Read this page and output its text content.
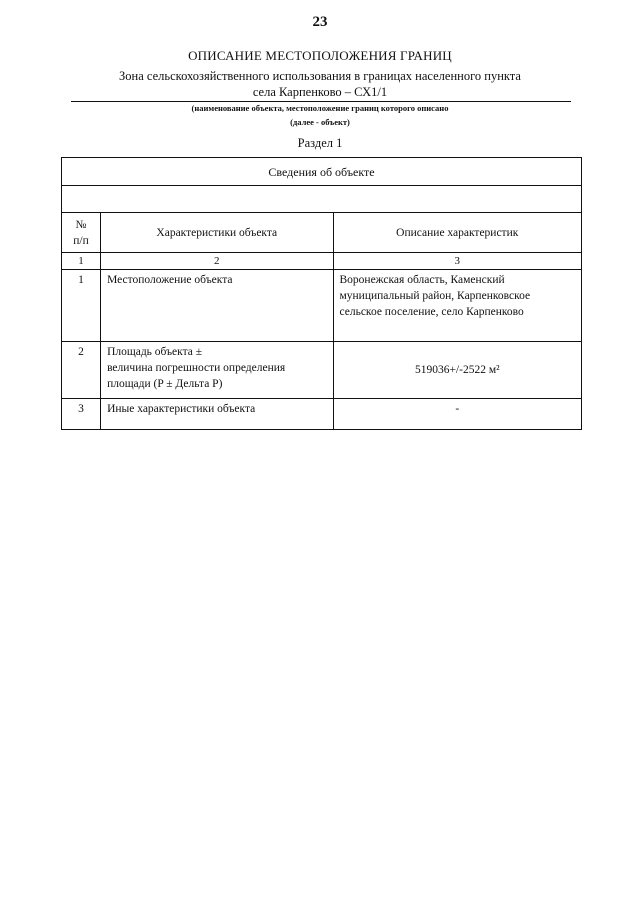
23
ОПИСАНИЕ МЕСТОПОЛОЖЕНИЯ ГРАНИЦ
Зона сельскохозяйственного использования в границах населенного пункта
села Карпенково – СХ1/1
(наименование объекта, местоположение границ которого описано
(далее - объект)
Раздел 1
Сведения об объекте		

№
п/п	Характеристики объекта	Описание характеристик
1	2	3
1	Местоположение объекта	Воронежская область, Каменский
муниципальный район, Карпенковское
сельское поселение, село Карпенково

2	Площадь объекта ±
величина погрешности определения
площади (P ± Дельта P)	519036+/-2522 м²
3	Иные характеристики объекта	-
